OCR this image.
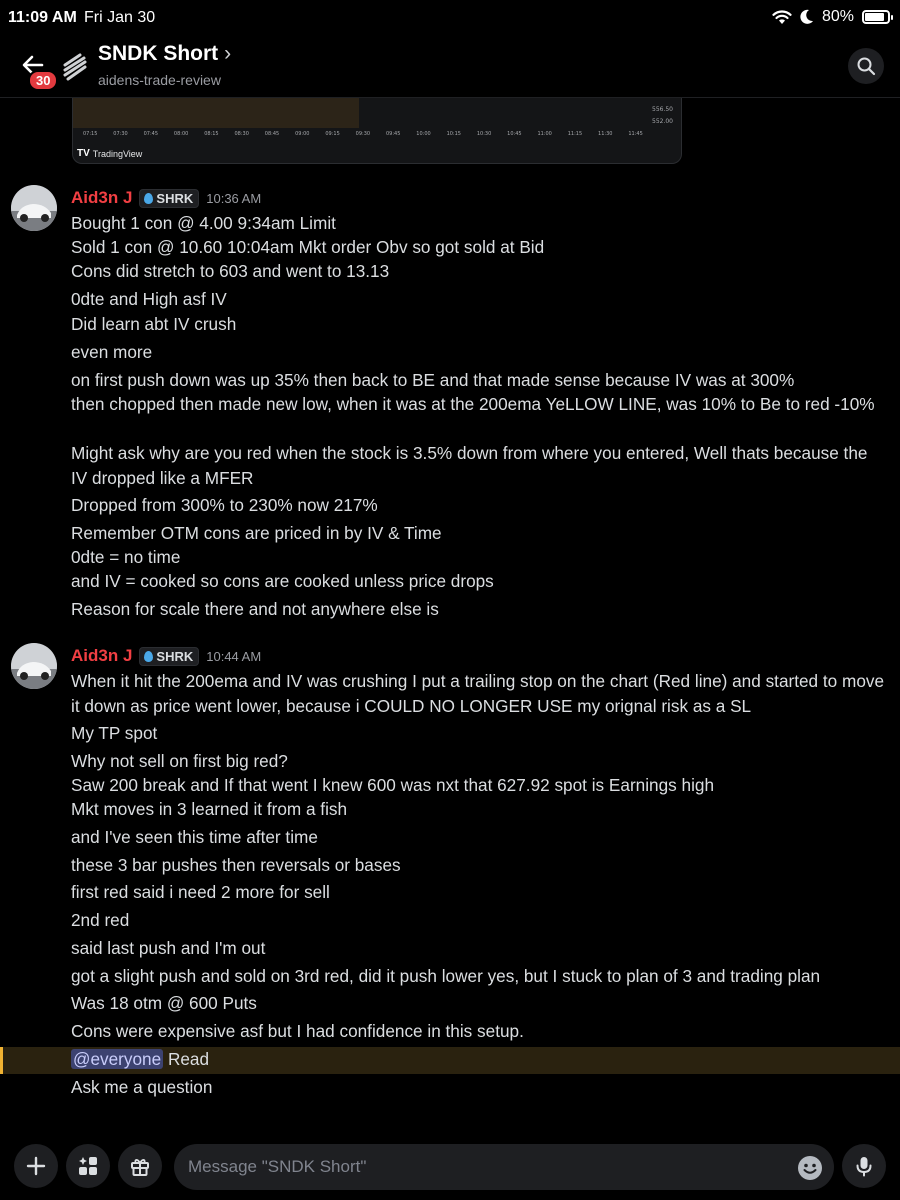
11:09 AM Fri Jan 30	80%
30
SNDK Short ›
aidens-trade-review
556.50
552.00
07:15	07:30	07:45	08:00	08:15	08:30	08:45	09:00	09:15	09:30	09:45	10:00	10:15	10:30	10:45	11:00	11:15	11:30	11:45
TV TradingView
Aid3n J SHRK 10:36 AM
Bought 1 con @ 4.00 9:34am Limit
Sold 1 con @ 10.60 10:04am Mkt order Obv so got sold at Bid
Cons did stretch to 603 and went to 13.13
0dte and High asf IV
Did learn abt IV crush
even more
on first push down was up 35% then back to BE and that made sense because IV was at 300%
then chopped then made new low, when it was at the 200ema YeLLOW LINE, was 10% to Be to red -10%
Might ask why are you red when the stock is 3.5% down from where you entered, Well thats because the IV dropped like a MFER
Dropped from 300% to 230% now 217%
Remember OTM cons are priced in by IV & Time
0dte = no time
and IV = cooked so cons are cooked unless price drops
Reason for scale there and not anywhere else is
Aid3n J SHRK 10:44 AM
When it hit the 200ema and IV was crushing I put a trailing stop on the chart (Red line) and started to move it down as price went lower, because i COULD NO LONGER USE my orignal risk as a SL
My TP spot
Why not sell on first big red?
Saw 200 break and If that went I knew 600 was nxt that 627.92 spot is Earnings high
Mkt moves in 3 learned it from a fish
and I've seen this time after time
these 3 bar pushes then reversals or bases
first red said i need 2 more for sell
2nd red
said last push and I'm out
got a slight push and sold on 3rd red, did it push lower yes, but I stuck to plan of 3 and trading plan
Was 18 otm @ 600 Puts
Cons were expensive asf but I had confidence in this setup.
@everyone Read
Ask me a question
Message "SNDK Short"
